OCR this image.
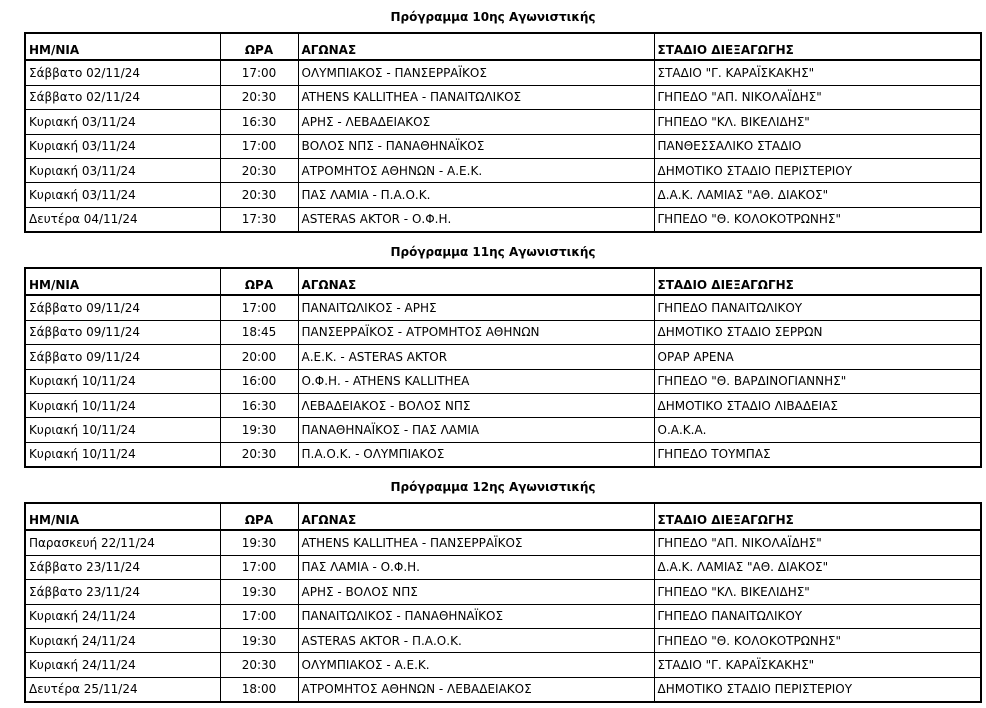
Πρόγραμμα 10ης Αγωνιστικής
ΗΜ/ΝΙΑ	ΩΡΑ	ΑΓΩΝΑΣ	ΣΤΑΔΙΟ ΔΙΕΞΑΓΩΓΗΣ
Σάββατο 02/11/24	17:00	ΟΛΥΜΠΙΑΚΟΣ - ΠΑΝΣΕΡΡΑΪΚΟΣ	ΣΤΑΔΙΟ "Γ. ΚΑΡΑΪΣΚΑΚΗΣ"
Σάββατο 02/11/24	20:30	ATHENS KALLITHEA - ΠΑΝΑΙΤΩΛΙΚΟΣ	ΓΗΠΕΔΟ "ΑΠ. ΝΙΚΟΛΑΪΔΗΣ"
Κυριακή 03/11/24	16:30	ΑΡΗΣ - ΛΕΒΑΔΕΙΑΚΟΣ	ΓΗΠΕΔΟ "ΚΛ. ΒΙΚΕΛΙΔΗΣ"
Κυριακή 03/11/24	17:00	ΒΟΛΟΣ ΝΠΣ - ΠΑΝΑΘΗΝΑΪΚΟΣ	ΠΑΝΘΕΣΣΑΛΙΚΟ ΣΤΑΔΙΟ
Κυριακή 03/11/24	20:30	ΑΤΡΟΜΗΤΟΣ ΑΘΗΝΩΝ - Α.Ε.Κ.	ΔΗΜΟΤΙΚΟ ΣΤΑΔΙΟ ΠΕΡΙΣΤΕΡΙΟΥ
Κυριακή 03/11/24	20:30	ΠΑΣ ΛΑΜΙΑ - Π.Α.Ο.Κ.	Δ.Α.Κ. ΛΑΜΙΑΣ "ΑΘ. ΔΙΑΚΟΣ"
Δευτέρα 04/11/24	17:30	ASTERAS AKTOR - Ο.Φ.Η.	ΓΗΠΕΔΟ "Θ. ΚΟΛΟΚΟΤΡΩΝΗΣ"
Πρόγραμμα 11ης Αγωνιστικής
ΗΜ/ΝΙΑ	ΩΡΑ	ΑΓΩΝΑΣ	ΣΤΑΔΙΟ ΔΙΕΞΑΓΩΓΗΣ
Σάββατο 09/11/24	17:00	ΠΑΝΑΙΤΩΛΙΚΟΣ - ΑΡΗΣ	ΓΗΠΕΔΟ ΠΑΝΑΙΤΩΛΙΚΟΥ
Σάββατο 09/11/24	18:45	ΠΑΝΣΕΡΡΑΪΚΟΣ - ΑΤΡΟΜΗΤΟΣ ΑΘΗΝΩΝ	ΔΗΜΟΤΙΚΟ ΣΤΑΔΙΟ ΣΕΡΡΩΝ
Σάββατο 09/11/24	20:00	Α.Ε.Κ. - ASTERAS AKTOR	ΟΡΑΡ ΑΡΕΝΑ
Κυριακή 10/11/24	16:00	Ο.Φ.Η. - ATHENS KALLITHEA	ΓΗΠΕΔΟ "Θ. ΒΑΡΔΙΝΟΓΙΑΝΝΗΣ"
Κυριακή 10/11/24	16:30	ΛΕΒΑΔΕΙΑΚΟΣ - ΒΟΛΟΣ ΝΠΣ	ΔΗΜΟΤΙΚΟ ΣΤΑΔΙΟ ΛΙΒΑΔΕΙΑΣ
Κυριακή 10/11/24	19:30	ΠΑΝΑΘΗΝΑΪΚΟΣ - ΠΑΣ ΛΑΜΙΑ	Ο.Α.Κ.Α.
Κυριακή 10/11/24	20:30	Π.Α.Ο.Κ. - ΟΛΥΜΠΙΑΚΟΣ	ΓΗΠΕΔΟ ΤΟΥΜΠΑΣ
Πρόγραμμα 12ης Αγωνιστικής
ΗΜ/ΝΙΑ	ΩΡΑ	ΑΓΩΝΑΣ	ΣΤΑΔΙΟ ΔΙΕΞΑΓΩΓΗΣ
Παρασκευή 22/11/24	19:30	ATHENS KALLITHEA - ΠΑΝΣΕΡΡΑΪΚΟΣ	ΓΗΠΕΔΟ "ΑΠ. ΝΙΚΟΛΑΪΔΗΣ"
Σάββατο 23/11/24	17:00	ΠΑΣ ΛΑΜΙΑ - Ο.Φ.Η.	Δ.Α.Κ. ΛΑΜΙΑΣ "ΑΘ. ΔΙΑΚΟΣ"
Σάββατο 23/11/24	19:30	ΑΡΗΣ - ΒΟΛΟΣ ΝΠΣ	ΓΗΠΕΔΟ "ΚΛ. ΒΙΚΕΛΙΔΗΣ"
Κυριακή 24/11/24	17:00	ΠΑΝΑΙΤΩΛΙΚΟΣ - ΠΑΝΑΘΗΝΑΪΚΟΣ	ΓΗΠΕΔΟ ΠΑΝΑΙΤΩΛΙΚΟΥ
Κυριακή 24/11/24	19:30	ASTERAS AKTOR - Π.Α.Ο.Κ.	ΓΗΠΕΔΟ "Θ. ΚΟΛΟΚΟΤΡΩΝΗΣ"
Κυριακή 24/11/24	20:30	ΟΛΥΜΠΙΑΚΟΣ - Α.Ε.Κ.	ΣΤΑΔΙΟ "Γ. ΚΑΡΑΪΣΚΑΚΗΣ"
Δευτέρα 25/11/24	18:00	ΑΤΡΟΜΗΤΟΣ ΑΘΗΝΩΝ - ΛΕΒΑΔΕΙΑΚΟΣ	ΔΗΜΟΤΙΚΟ ΣΤΑΔΙΟ ΠΕΡΙΣΤΕΡΙΟΥ
